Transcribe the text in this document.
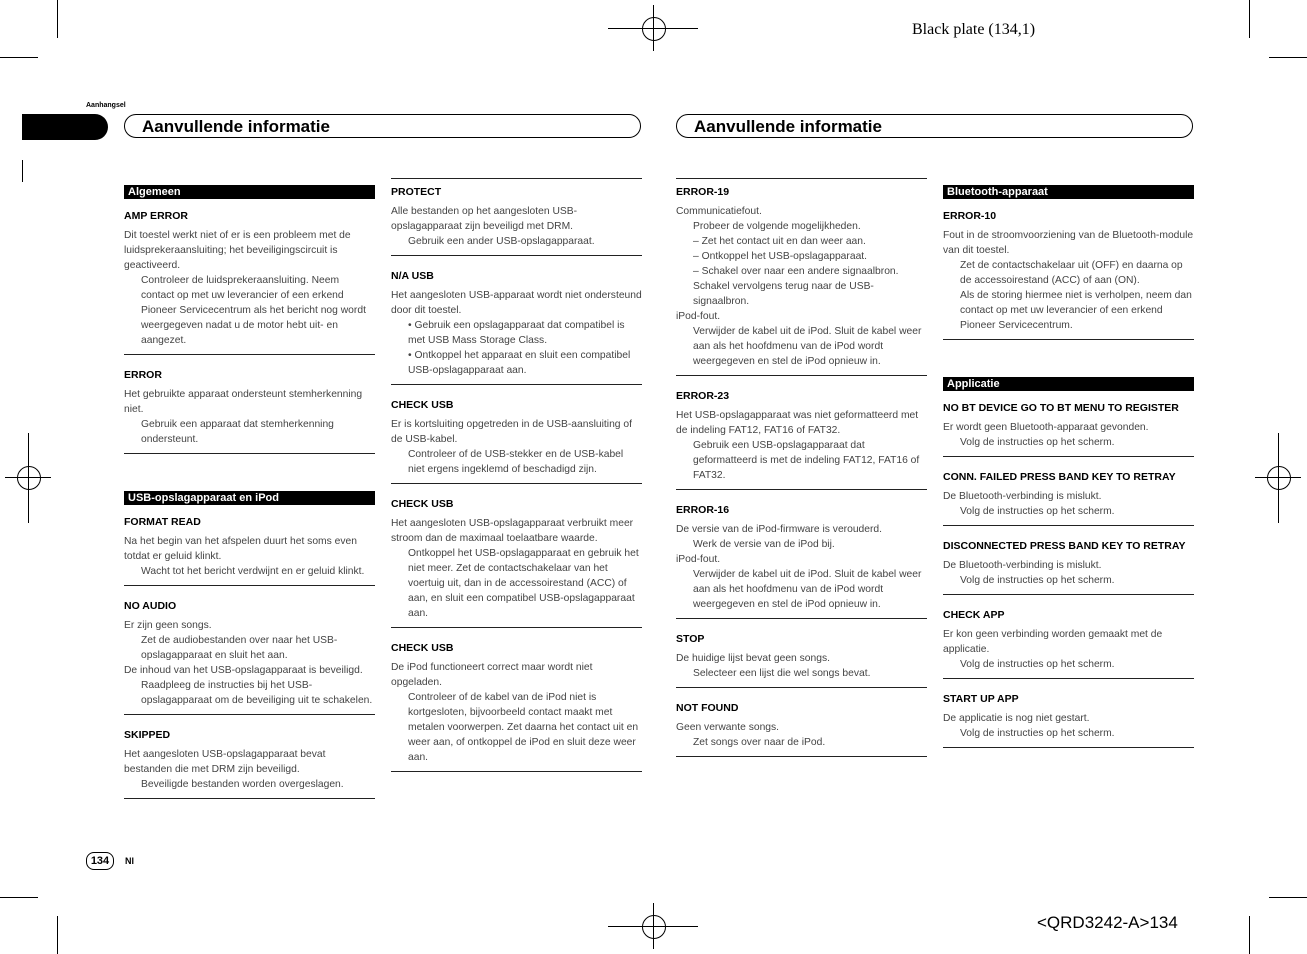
Black plate (134,1)
<QRD3242-A>134
Aanhangsel
Aanvullende informatie	Aanvullende informatie
Algemeen
AMP ERROR

Dit toestel werkt niet of er is een probleem met de luidsprekeraansluiting; het beveiligingscircuit is geactiveerd.

Controleer de luidsprekeraansluiting. Neem contact op met uw leverancier of een erkend Pioneer Servicecentrum als het bericht nog wordt weergegeven nadat u de motor hebt uit- en aangezet.

ERROR

Het gebruikte apparaat ondersteunt stemherkenning niet.

Gebruik een apparaat dat stemherkenning ondersteunt.

USB-opslagapparaat en iPod
FORMAT READ

Na het begin van het afspelen duurt het soms even totdat er geluid klinkt.

Wacht tot het bericht verdwijnt en er geluid klinkt.

NO AUDIO

Er zijn geen songs.

Zet de audiobestanden over naar het USB-opslagapparaat en sluit het aan.

De inhoud van het USB-opslagapparaat is beveiligd.

Raadpleeg de instructies bij het USB-opslagapparaat om de beveiliging uit te schakelen.

SKIPPED

Het aangesloten USB-opslagapparaat bevat bestanden die met DRM zijn beveiligd.

Beveiligde bestanden worden overgeslagen.

PROTECT

Alle bestanden op het aangesloten USB-opslagapparaat zijn beveiligd met DRM.

Gebruik een ander USB-opslagapparaat.

N/A USB

Het aangesloten USB-apparaat wordt niet ondersteund door dit toestel.

• Gebruik een opslagapparaat dat compatibel is met USB Mass Storage Class.

• Ontkoppel het apparaat en sluit een compatibel USB-opslagapparaat aan.

CHECK USB

Er is kortsluiting opgetreden in de USB-aansluiting of de USB-kabel.

Controleer of de USB-stekker en de USB-kabel niet ergens ingeklemd of beschadigd zijn.

CHECK USB

Het aangesloten USB-opslagapparaat verbruikt meer stroom dan de maximaal toelaatbare waarde.

Ontkoppel het USB-opslagapparaat en gebruik het niet meer. Zet de contactschakelaar van het voertuig uit, dan in de accessoirestand (ACC) of aan, en sluit een compatibel USB-opslagapparaat aan.

CHECK USB

De iPod functioneert correct maar wordt niet opgeladen.

Controleer of de kabel van de iPod niet is kortgesloten, bijvoorbeeld contact maakt met metalen voorwerpen. Zet daarna het contact uit en weer aan, of ontkoppel de iPod en sluit deze weer aan.

ERROR-19

Communicatiefout.

Probeer de volgende mogelijkheden.

– Zet het contact uit en dan weer aan.

– Ontkoppel het USB-opslagapparaat.

– Schakel over naar een andere signaalbron. Schakel vervolgens terug naar de USB-signaalbron.

iPod-fout.

Verwijder de kabel uit de iPod. Sluit de kabel weer aan als het hoofdmenu van de iPod wordt weergegeven en stel de iPod opnieuw in.

ERROR-23

Het USB-opslagapparaat was niet geformatteerd met de indeling FAT12, FAT16 of FAT32.

Gebruik een USB-opslagapparaat dat geformatteerd is met de indeling FAT12, FAT16 of FAT32.

ERROR-16

De versie van de iPod-firmware is verouderd.

Werk de versie van de iPod bij.

iPod-fout.

Verwijder de kabel uit de iPod. Sluit de kabel weer aan als het hoofdmenu van de iPod wordt weergegeven en stel de iPod opnieuw in.

STOP

De huidige lijst bevat geen songs.

Selecteer een lijst die wel songs bevat.

NOT FOUND

Geen verwante songs.

Zet songs over naar de iPod.

Bluetooth-apparaat
ERROR-10

Fout in de stroomvoorziening van de Bluetooth-module van dit toestel.

Zet de contactschakelaar uit (OFF) en daarna op de accessoirestand (ACC) of aan (ON).

Als de storing hiermee niet is verholpen, neem dan contact op met uw leverancier of een erkend Pioneer Servicecentrum.

Applicatie
NO BT DEVICE GO TO BT MENU TO REGISTER

Er wordt geen Bluetooth-apparaat gevonden.

Volg de instructies op het scherm.

CONN. FAILED PRESS BAND KEY TO RETRAY

De Bluetooth-verbinding is mislukt.

Volg de instructies op het scherm.

DISCONNECTED PRESS BAND KEY TO RETRAY

De Bluetooth-verbinding is mislukt.

Volg de instructies op het scherm.

CHECK APP

Er kon geen verbinding worden gemaakt met de applicatie.

Volg de instructies op het scherm.

START UP APP

De applicatie is nog niet gestart.

Volg de instructies op het scherm.

134	Nl
